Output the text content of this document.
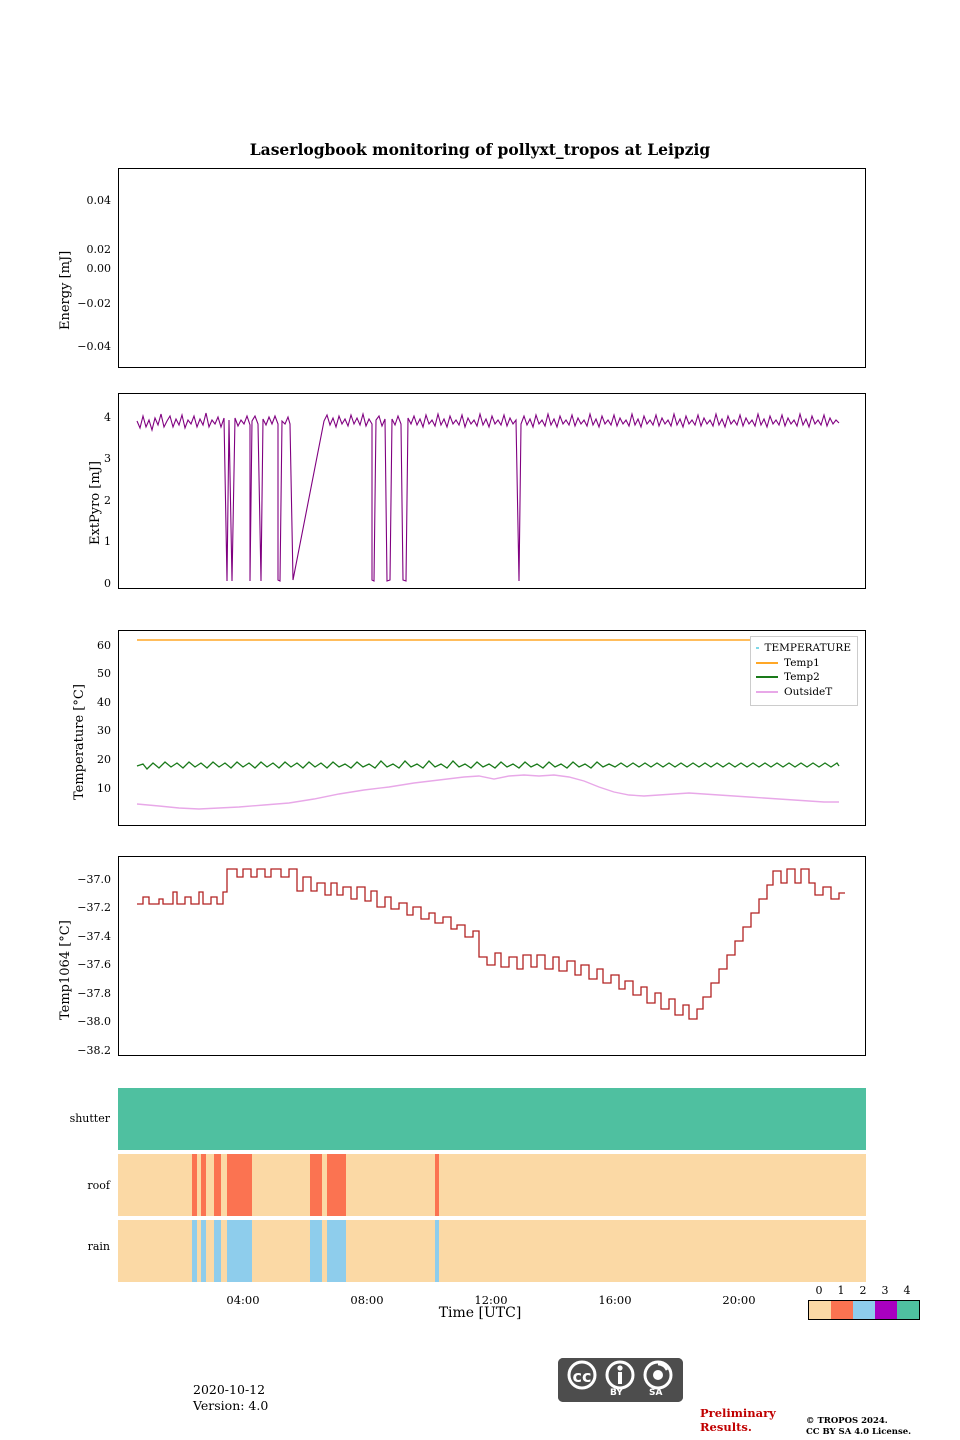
Laserlogbook monitoring of pollyxt_tropos at Leipzig
Energy [mJ]
0.04
0.02
0.00
−0.02
−0.04
ExtPyro [mJ]
4
3
2
1
0
Temperature [°C]
60
50
40
30
20
10
TEMPERATURE
Temp1
Temp2
OutsideT
Temp1064 [°C]
−37.0
−37.2
−37.4
−37.6
−37.8
−38.0
−38.2
shutter
roof
rain
04:00	08:00	12:00	16:00	20:00
Time [UTC]
0	1	2	3	4
2020-10-12
Version: 4.0
cc
BY	SA
Preliminary
Results.	© TROPOS 2024.
CC BY SA 4.0 License.
